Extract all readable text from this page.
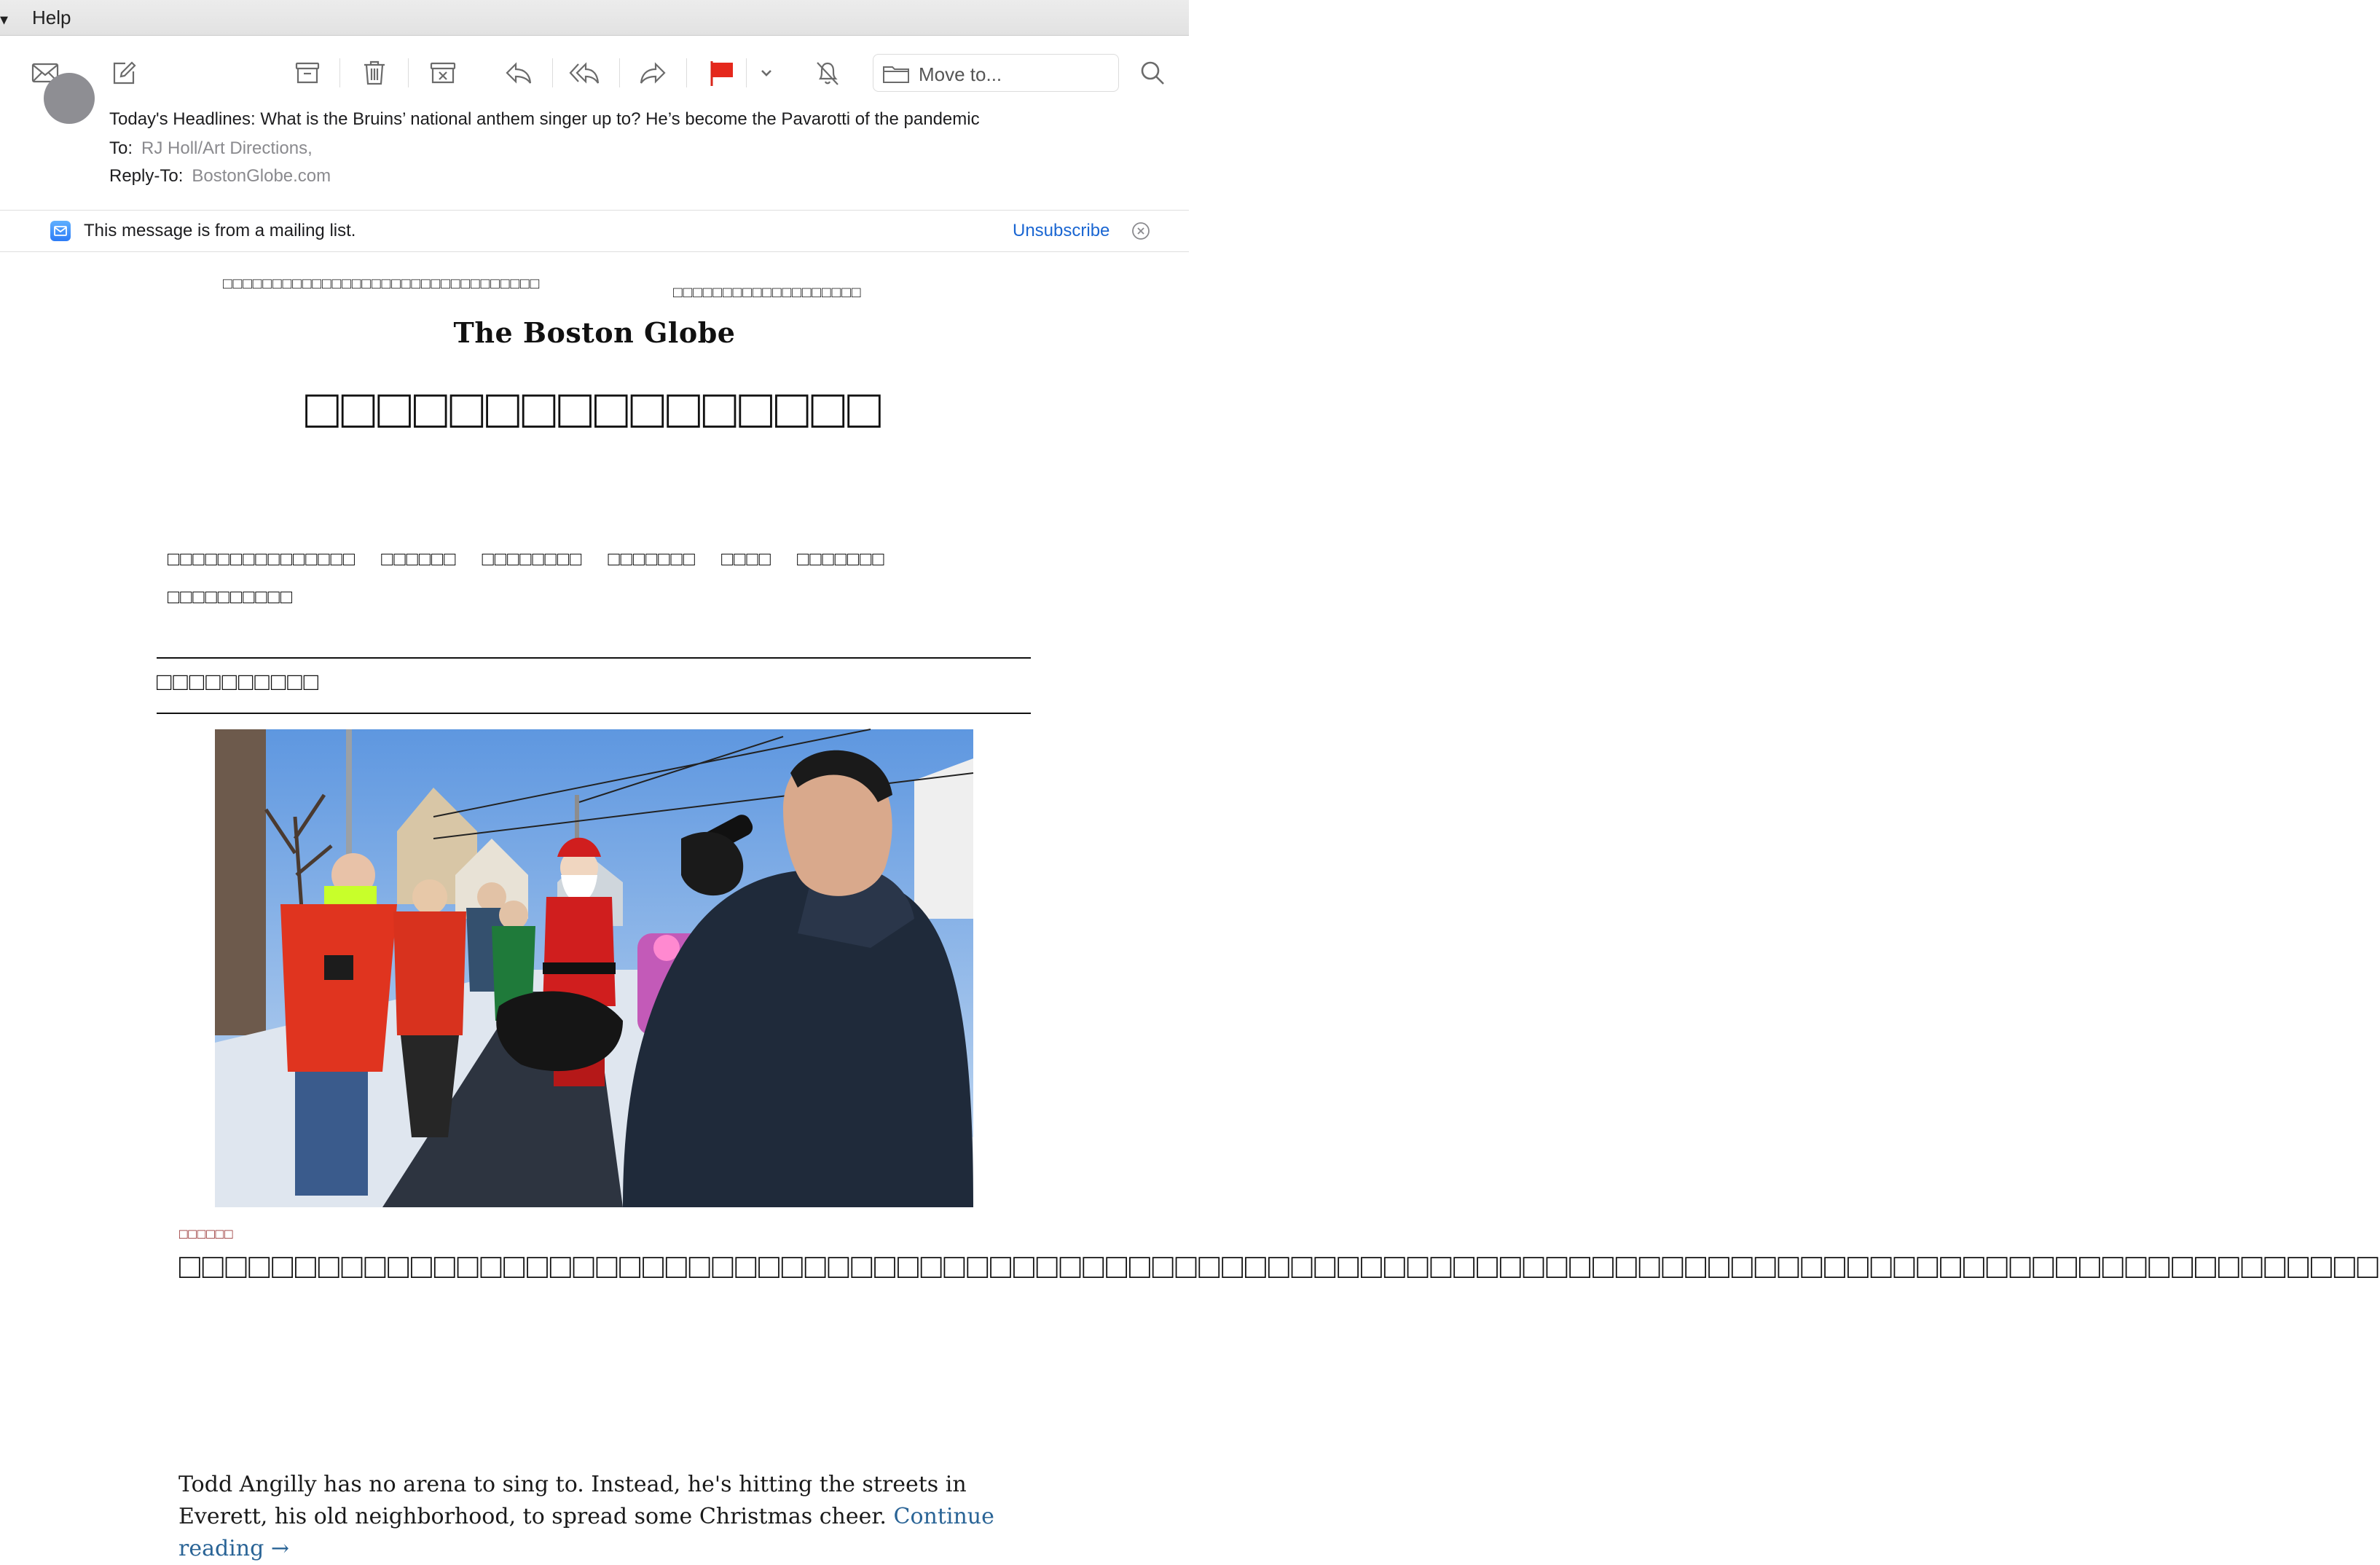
▾ Help
Move to...
Today's Headlines: What is the Bruins’ national anthem singer up to? He’s become the Pavarotti of the pandemic
To: RJ Holl/Art Directions,
Reply-To: BostonGlobe.com
This message is from a mailing list.	Unsubscribe
□□□□□□□□□□□□□□□□□□□□□□□□□□□□□□□□
□□□□□□□□□□□□□□□□□□□
The Boston Globe
□□□□□□□□□□□□□□□□
□□□□□□□□□□□□□□□ □□□□□□ □□□□□□□□ □□□□□□□ □□□□ □□□□□□□ □□□□□□□□□□
□□□□□□□□□□
□□□□□□
□□□□□□□□□□□□□□□□□□□□□□□□□□□□□□□□□□□□□□□□□□□□□□□□□□□□□□□□□□□□□□□□□□□□□□□□□□□□□□□□□□□□□□□□□□□□□□□
Todd Angilly has no arena to sing to. Instead, he's hitting the streets in Everett, his old neighborhood, to spread some Christmas cheer. Continue reading →
